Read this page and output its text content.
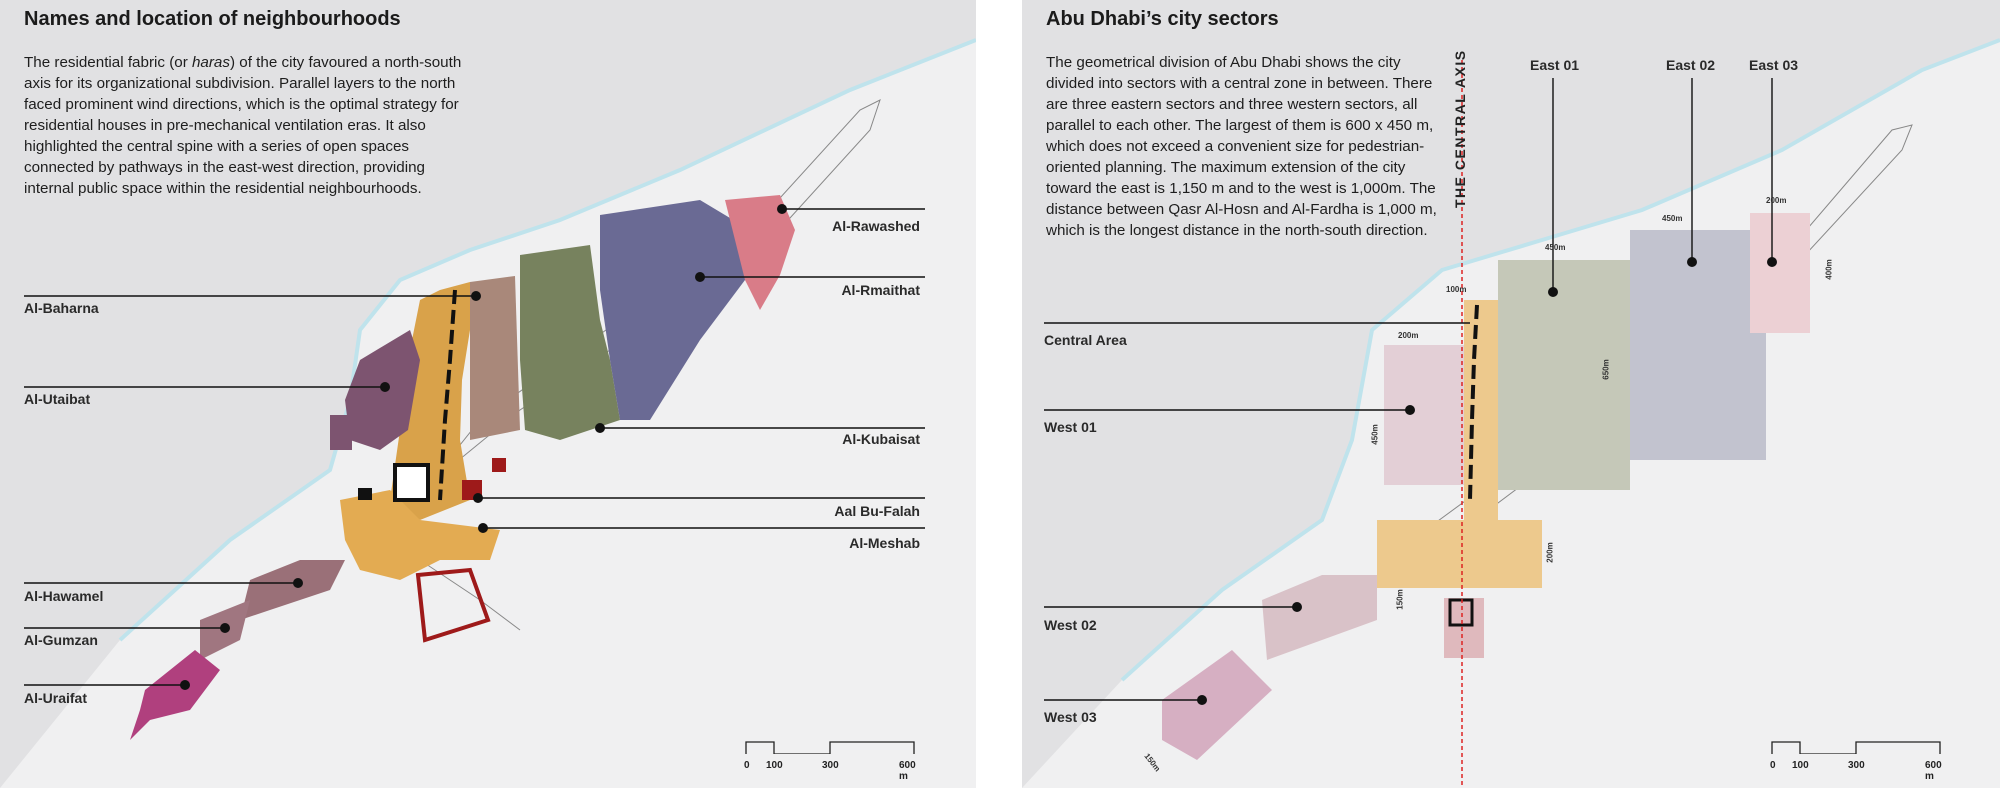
Names and location of neighbourhoods

The residential fabric (or haras) of the city favoured a north-south axis for its organizational subdivision. Parallel layers to the north faced prominent wind directions, which is the optimal strategy for residential houses in pre-mechanical ventilation eras. It also highlighted the central spine with a series of open spaces connected by pathways in the east-west direction, providing internal public space within the residential neighbourhoods.

Al-Baharna
Al-Utaibat
Al-Hawamel
Al-Gumzan
Al-Uraifat
Al-Rawashed
Al-Rmaithat
Al-Kubaisat
Aal Bu-Falah
Al-Meshab
0 100	300	600 m
Abu Dhabi’s city sectors

The geometrical division of Abu Dhabi shows the city divided into sectors with a central zone in between. There are three eastern sectors and three western sectors, all parallel to each other. The largest of them is 600 x 450 m, which does not exceed a convenient size for pedestrian-oriented planning. The maximum extension of the city toward the east is 1,150 m and to the west is 1,000m. The distance between Qasr Al-Hosn and Al-Fardha is 1,000 m, which is the longest distance in the north-south direction.

THE CENTRAL AXIS
Central Area
West 01
West 02
West 03
East 01	East 02 East 03
100m
200m
450m
450m
200m
400m
650m
450m
200m
150m
150m	0 100	300	600 m
